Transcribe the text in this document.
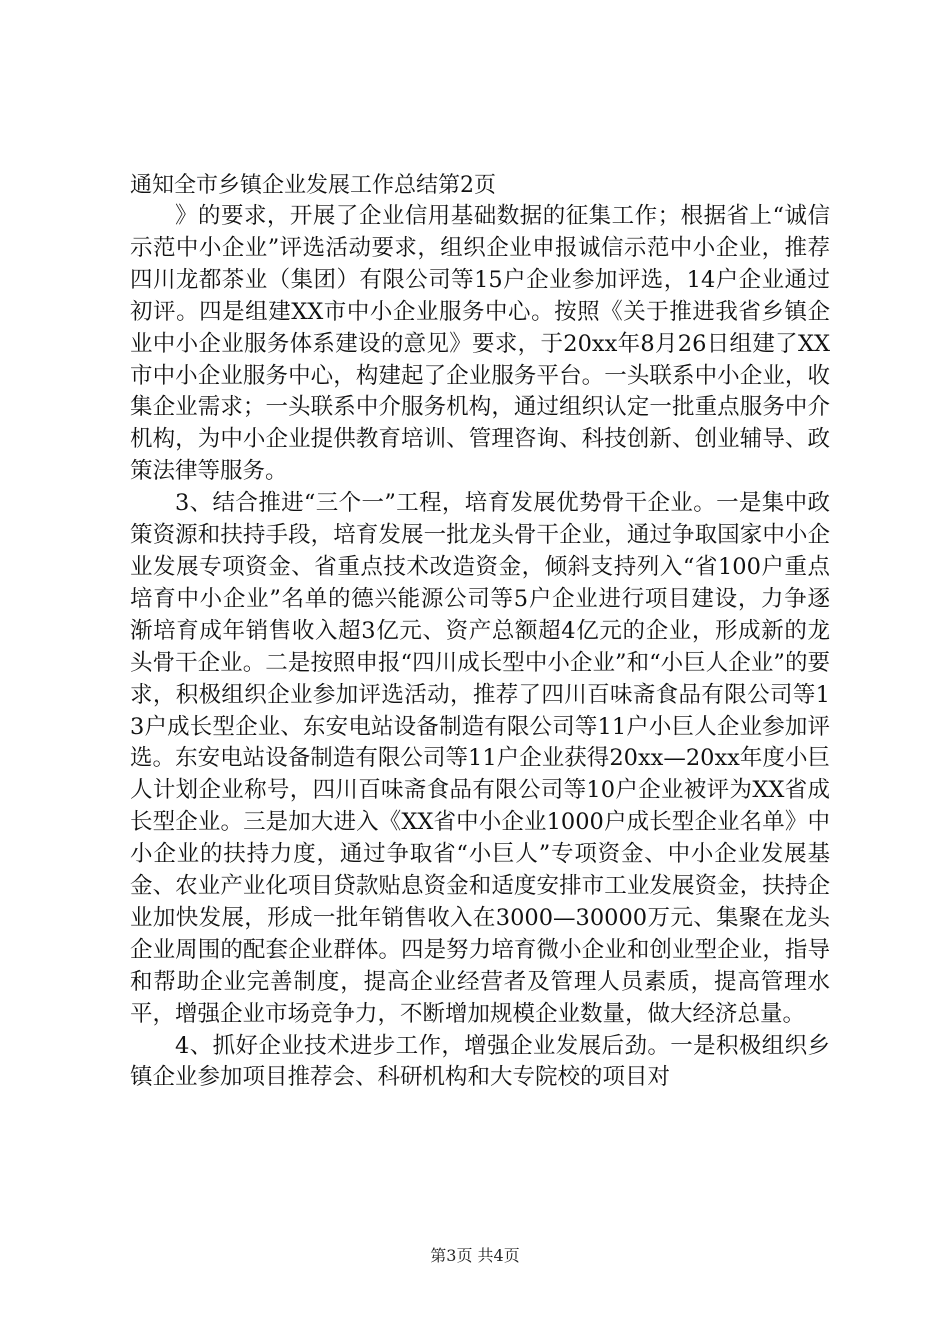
通知全市乡镇企业发展工作总结第2页

》的要求，开展了企业信用基础数据的征集工作；根据省上“诚信示范中小企业”评选活动要求，组织企业申报诚信示范中小企业，推荐四川龙都茶业（集团）有限公司等15户企业参加评选，14户企业通过初评。四是组建XX市中小企业服务中心。按照《关于推进我省乡镇企业中小企业服务体系建设的意见》要求，于20xx年8月26日组建了XX市中小企业服务中心，构建起了企业服务平台。一头联系中小企业，收集企业需求；一头联系中介服务机构，通过组织认定一批重点服务中介机构，为中小企业提供教育培训、管理咨询、科技创新、创业辅导、政策法律等服务。

3、结合推进“三个一”工程，培育发展优势骨干企业。一是集中政策资源和扶持手段，培育发展一批龙头骨干企业，通过争取国家中小企业发展专项资金、省重点技术改造资金，倾斜支持列入“省100户重点培育中小企业”名单的德兴能源公司等5户企业进行项目建设，力争逐渐培育成年销售收入超3亿元、资产总额超4亿元的企业，形成新的龙头骨干企业。二是按照申报“四川成长型中小企业”和“小巨人企业”的要求，积极组织企业参加评选活动，推荐了四川百味斋食品有限公司等13户成长型企业、东安电站设备制造有限公司等11户小巨人企业参加评选。东安电站设备制造有限公司等11户企业获得20xx—20xx年度小巨人计划企业称号，四川百味斋食品有限公司等10户企业被评为XX省成长型企业。三是加大进入《XX省中小企业1000户成长型企业名单》中小企业的扶持力度，通过争取省“小巨人”专项资金、中小企业发展基金、农业产业化项目贷款贴息资金和适度安排市工业发展资金，扶持企业加快发展，形成一批年销售收入在3000—30000万元、集聚在龙头企业周围的配套企业群体。四是努力培育微小企业和创业型企业，指导和帮助企业完善制度，提高企业经营者及管理人员素质，提高管理水平，增强企业市场竞争力，不断增加规模企业数量，做大经济总量。

4、抓好企业技术进步工作，增强企业发展后劲。一是积极组织乡镇企业参加项目推荐会、科研机构和大专院校的项目对

第3页 共4页
